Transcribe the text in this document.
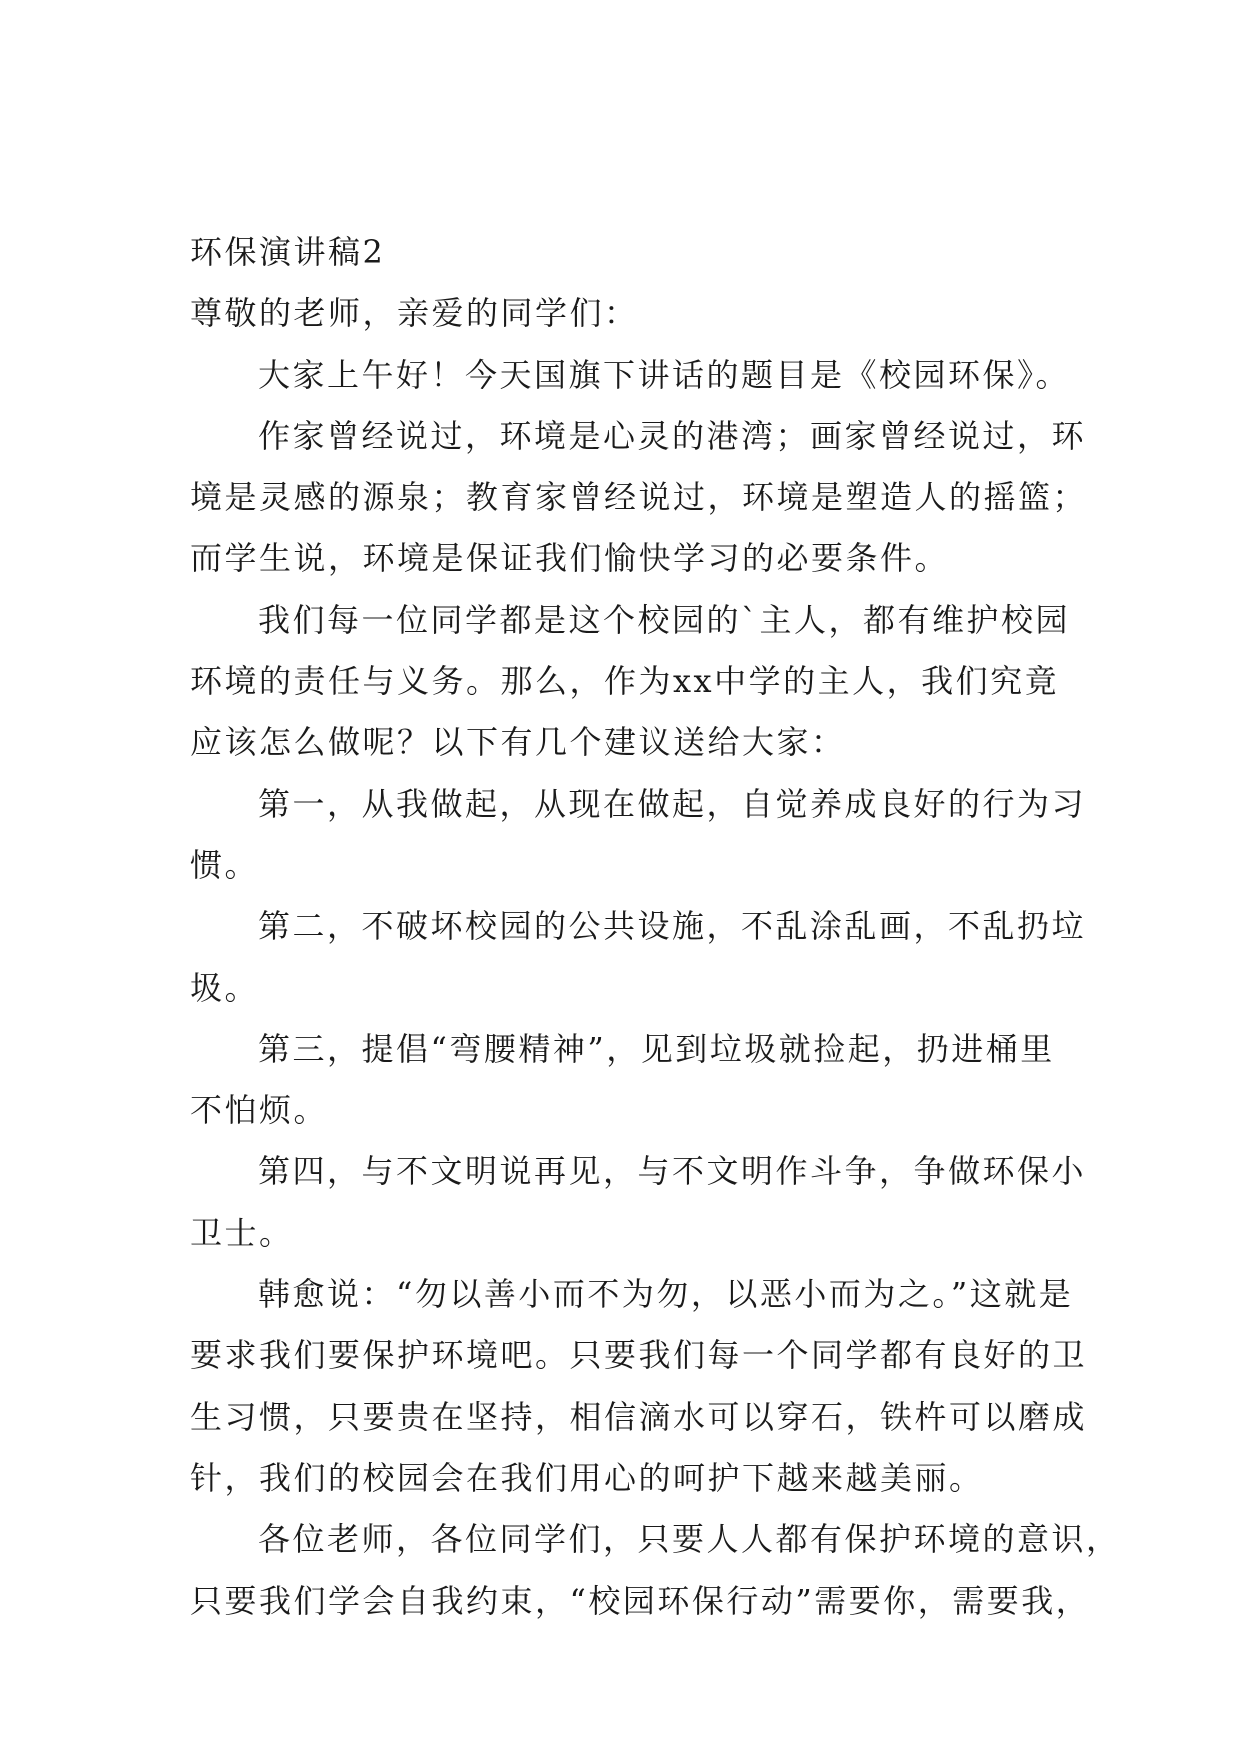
环保演讲稿2
尊敬的老师，亲爱的同学们：
大家上午好！今天国旗下讲话的题目是《校园环保》。
作家曾经说过，环境是心灵的港湾；画家曾经说过，环
境是灵感的源泉；教育家曾经说过，环境是塑造人的摇篮；
而学生说，环境是保证我们愉快学习的必要条件。
我们每一位同学都是这个校园的`主人，都有维护校园
环境的责任与义务。那么，作为xx中学的主人，我们究竟
应该怎么做呢？以下有几个建议送给大家：
第一，从我做起，从现在做起，自觉养成良好的行为习
惯。
第二，不破坏校园的公共设施，不乱涂乱画，不乱扔垃
圾。
第三，提倡“弯腰精神”，见到垃圾就捡起，扔进桶里
不怕烦。
第四，与不文明说再见，与不文明作斗争，争做环保小
卫士。
韩愈说：“勿以善小而不为勿，以恶小而为之。”这就是
要求我们要保护环境吧。只要我们每一个同学都有良好的卫
生习惯，只要贵在坚持，相信滴水可以穿石，铁杵可以磨成
针，我们的校园会在我们用心的呵护下越来越美丽。
各位老师，各位同学们，只要人人都有保护环境的意识，
只要我们学会自我约束，“校园环保行动”需要你，需要我，
